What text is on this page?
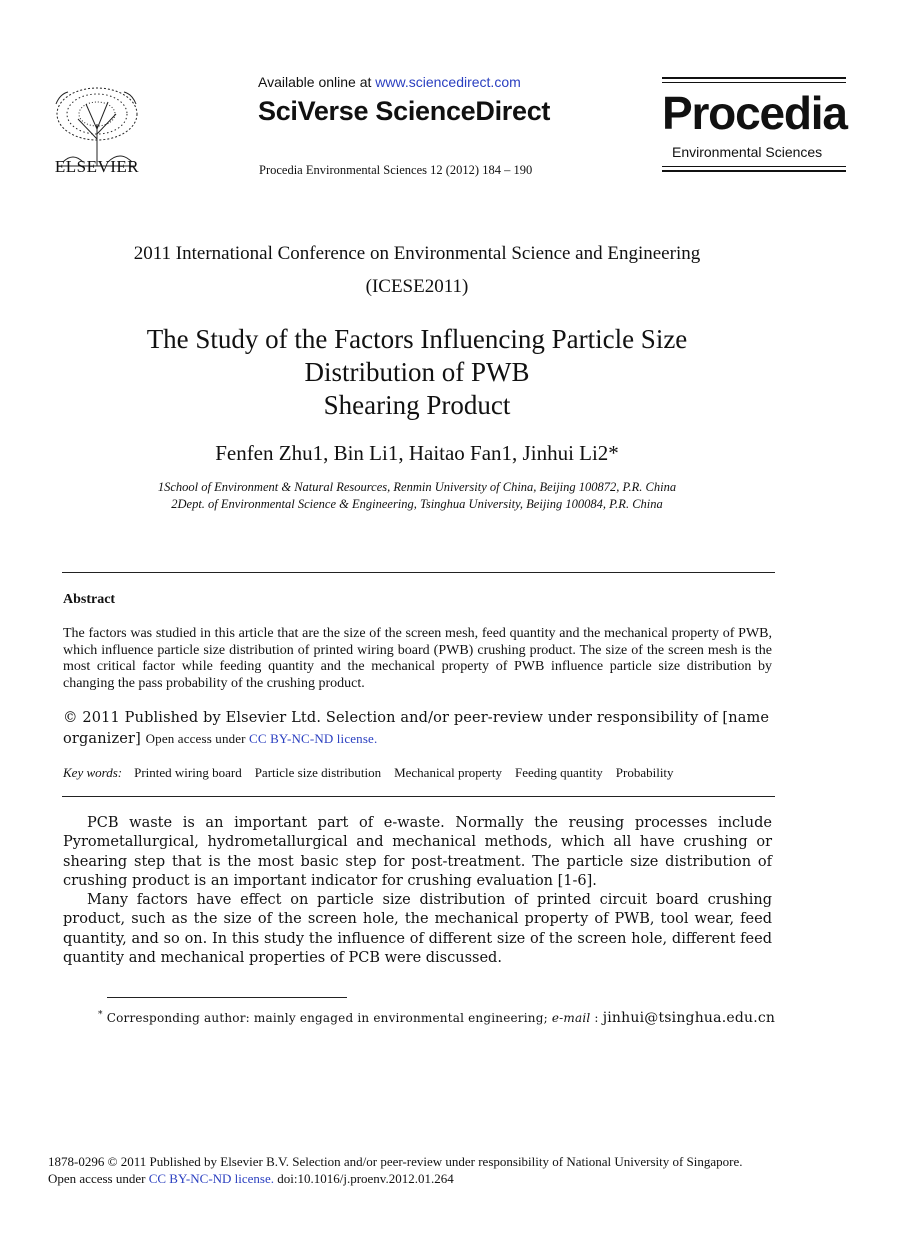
ELSEVIER
Available online at www.sciencedirect.com
SciVerse ScienceDirect
Procedia Environmental Sciences 12 (2012) 184 – 190
Procedia
Environmental Sciences
2011 International Conference on Environmental Science and Engineering
(ICESE2011)
The Study of the Factors Influencing Particle Size
Distribution of PWB
Shearing Product
Fenfen Zhu1, Bin Li1, Haitao Fan1, Jinhui Li2*
1School of Environment & Natural Resources, Renmin University of China, Beijing 100872, P.R. China
2Dept. of Environmental Science & Engineering, Tsinghua University, Beijing 100084, P.R. China
Abstract
The factors was studied in this article that are the size of the screen mesh, feed quantity and the mechanical property of PWB, which influence particle size distribution of printed wiring board (PWB) crushing product. The size of the screen mesh is the most critical factor while feeding quantity and the mechanical property of PWB influence particle size distribution by changing the pass probability of the crushing product.
© 2011 Published by Elsevier Ltd. Selection and/or peer-review under responsibility of [name organizer] Open access under CC BY-NC-ND license.
Key words: Printed wiring board Particle size distribution Mechanical property Feeding quantity Probability

PCB waste is an important part of e-waste. Normally the reusing processes include Pyrometallurgical, hydrometallurgical and mechanical methods, which all have crushing or shearing step that is the most basic step for post-treatment. The particle size distribution of crushing product is an important indicator for crushing evaluation [1-6].

Many factors have effect on particle size distribution of printed circuit board crushing product, such as the size of the screen hole, the mechanical property of PWB, tool wear, feed quantity, and so on. In this study the influence of different size of the screen hole, different feed quantity and mechanical properties of PCB were discussed.

* Corresponding author: mainly engaged in environmental engineering; e-mail : jinhui@tsinghua.edu.cn
1878-0296 © 2011 Published by Elsevier B.V. Selection and/or peer-review under responsibility of National University of Singapore.
Open access under CC BY-NC-ND license. doi:10.1016/j.proenv.2012.01.264
